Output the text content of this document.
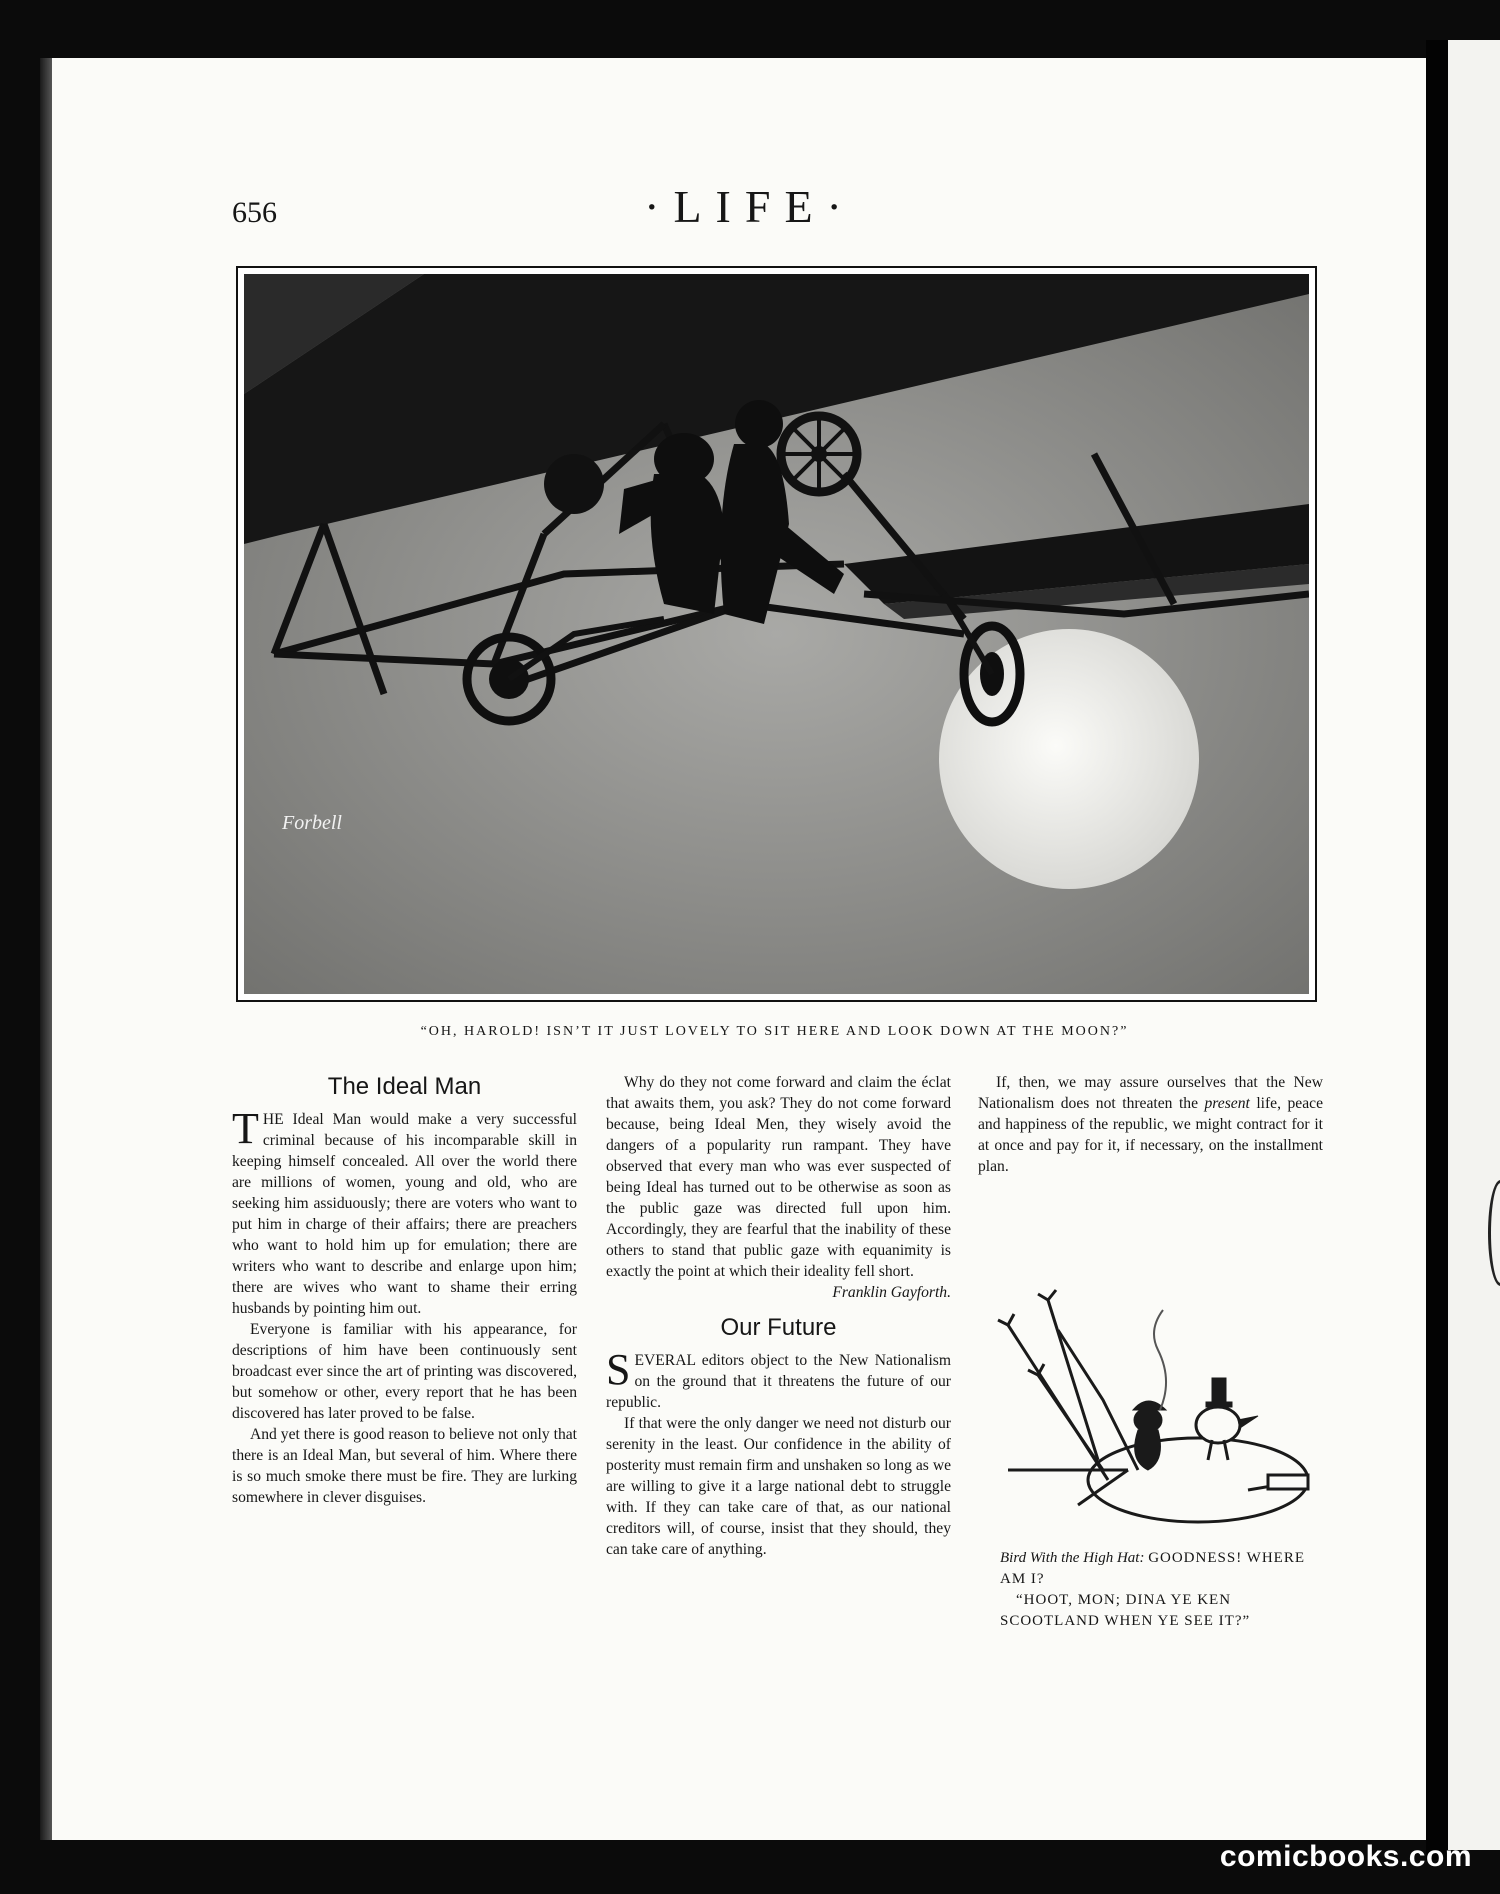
656	·LIFE·
Forbell
“OH, HAROLD! ISN’T IT JUST LOVELY TO SIT HERE AND LOOK DOWN AT THE MOON?”
The Ideal Man

THE Ideal Man would make a very successful criminal because of his incomparable skill in keeping himself concealed. All over the world there are millions of women, young and old, who are seeking him assiduously; there are voters who want to put him in charge of their affairs; there are preachers who want to hold him up for emulation; there are writers who want to describe and enlarge upon him; there are wives who want to shame their erring husbands by pointing him out.

Everyone is familiar with his appearance, for descriptions of him have been continuously sent broadcast ever since the art of printing was discovered, but somehow or other, every report that he has been discovered has later proved to be false.

And yet there is good reason to believe not only that there is an Ideal Man, but several of him. Where there is so much smoke there must be fire. They are lurking somewhere in clever disguises.

Why do they not come forward and claim the éclat that awaits them, you ask? They do not come forward because, being Ideal Men, they wisely avoid the dangers of a popularity run rampant. They have observed that every man who was ever suspected of being Ideal has turned out to be otherwise as soon as the public gaze was directed full upon him. Accordingly, they are fearful that the inability of these others to stand that public gaze with equanimity is exactly the point at which their ideality fell short.

Franklin Gayforth.

Our Future

SEVERAL editors object to the New Nationalism on the ground that it threatens the future of our republic.

If that were the only danger we need not disturb our serenity in the least. Our confidence in the ability of posterity must remain firm and unshaken so long as we are willing to give it a large national debt to struggle with. If they can take care of that, as our national creditors will, of course, insist that they should, they can take care of anything.

If, then, we may assure ourselves that the New Nationalism does not threaten the present life, peace and happiness of the republic, we might contract for it at once and pay for it, if necessary, on the installment plan.

Bird With the High Hat: GOODNESS! WHERE AM I?

“HOOT, MON; DINA YE KEN SCOOTLAND WHEN YE SEE IT?”

comicbooks.com
